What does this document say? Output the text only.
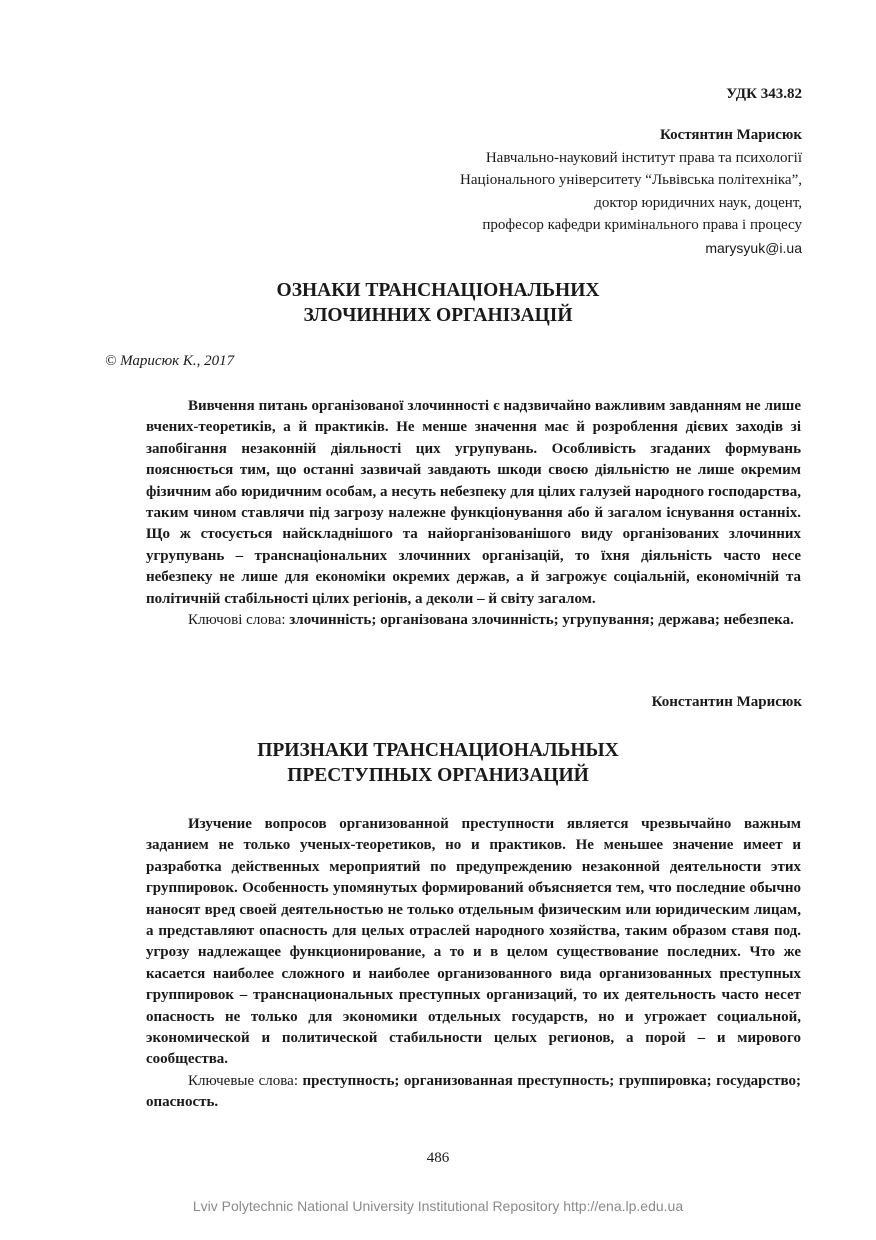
УДК 343.82
Костянтин Марисюк
Навчально-науковий інститут права та психології
Національного університету “Львівська політехніка”,
доктор юридичних наук, доцент,
професор кафедри кримінального права і процесу
marysyuk@i.ua
ОЗНАКИ ТРАНСНАЦІОНАЛЬНИХ
ЗЛОЧИННИХ ОРГАНІЗАЦІЙ
© Марисюк К., 2017

Вивчення питань організованої злочинності є надзвичайно важливим завданням не лише вчених-теоретиків, а й практиків. Не менше значення має й розроблення дієвих заходів зі запобігання незаконній діяльності цих угрупувань. Особливість згаданих формувань пояснюється тим, що останні зазвичай завдають шкоди своєю діяльністю не лише окремим фізичним або юридичним особам, а несуть небезпеку для цілих галузей народного господарства, таким чином ставлячи під загрозу належне функціонування або й загалом існування останніх. Що ж стосується найскладнішого та найорганізованішого виду організованих злочинних угрупувань – транснаціональних злочинних організацій, то їхня діяльність часто несе небезпеку не лише для економіки окремих держав, а й загрожує соціальній, економічній та політичній стабільності цілих регіонів, а деколи – й світу загалом.

Ключові слова: злочинність; організована злочинність; угрупування; держава; небезпека.

Константин Марисюк
ПРИЗНАКИ ТРАНСНАЦИОНАЛЬНЫХ
ПРЕСТУПНЫХ ОРГАНИЗАЦИЙ

Изучение вопросов организованной преступности является чрезвычайно важным заданием не только ученых-теоретиков, но и практиков. Не меньшее значение имеет и разработка действенных мероприятий по предупреждению незаконной деятельности этих группировок. Особенность упомянутых формирований объясняется тем, что последние обычно наносят вред своей деятельностью не только отдельным физическим или юридическим лицам, а представляют опасность для целых отраслей народного хозяйства, таким образом ставя под. угрозу надлежащее функционирование, а то и в целом существование последних. Что же касается наиболее сложного и наиболее организованного вида организованных преступных группировок – транснациональных преступных организаций, то их деятельность часто несет опасность не только для экономики отдельных государств, но и угрожает социальной, экономической и политической стабильности целых регионов, а порой – и мирового сообщества.

Ключевые слова: преступность; организованная преступность; группировка; государство; опасность.

486
Lviv Polytechnic National University Institutional Repository http://ena.lp.edu.ua
